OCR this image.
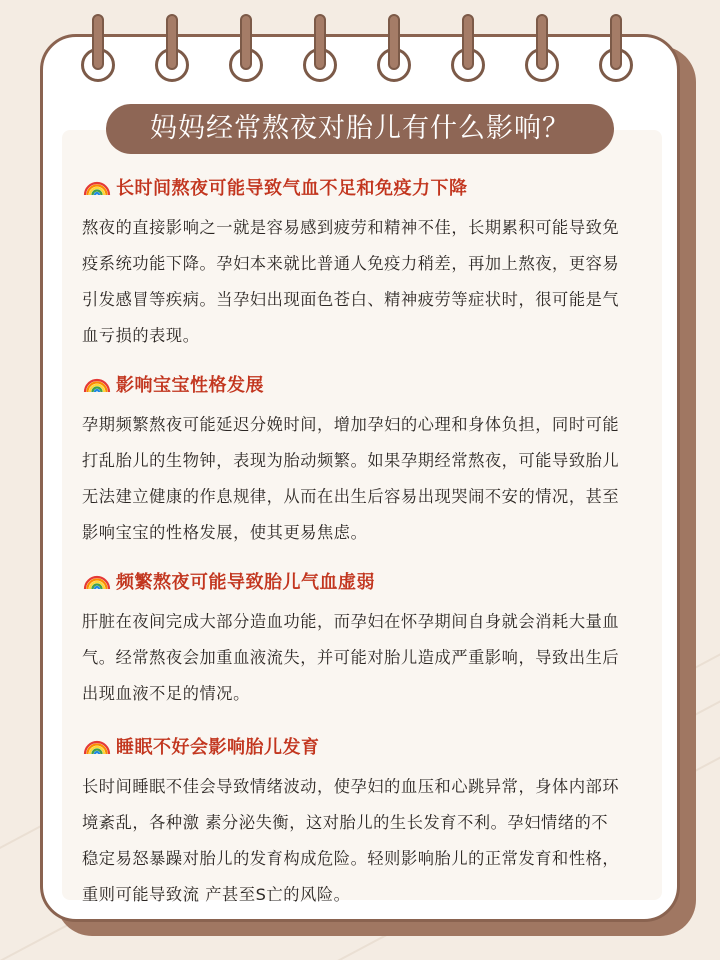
妈妈经常熬夜对胎儿有什么影响？
长时间熬夜可能导致气血不足和免疫力下降
熬夜的直接影响之一就是容易感到疲劳和精神不佳，长期累积可能导致免
疫系统功能下降。孕妇本来就比普通人免疫力稍差，再加上熬夜，更容易
引发感冒等疾病。当孕妇出现面色苍白、精神疲劳等症状时，很可能是气
血亏损的表现。
影响宝宝性格发展
孕期频繁熬夜可能延迟分娩时间，增加孕妇的心理和身体负担，同时可能
打乱胎儿的生物钟，表现为胎动频繁。如果孕期经常熬夜，可能导致胎儿
无法建立健康的作息规律，从而在出生后容易出现哭闹不安的情况，甚至
影响宝宝的性格发展，使其更易焦虑。
频繁熬夜可能导致胎儿气血虚弱
肝脏在夜间完成大部分造血功能，而孕妇在怀孕期间自身就会消耗大量血
气。经常熬夜会加重血液流失，并可能对胎儿造成严重影响，导致出生后
出现血液不足的情况。
睡眠不好会影响胎儿发育
长时间睡眠不佳会导致情绪波动，使孕妇的血压和心跳异常，身体内部环
境紊乱，各种激 素分泌失衡，这对胎儿的生长发育不利。孕妇情绪的不
稳定易怒暴躁对胎儿的发育构成危险。轻则影响胎儿的正常发育和性格，
重则可能导致流 产甚至S亡的风险。
